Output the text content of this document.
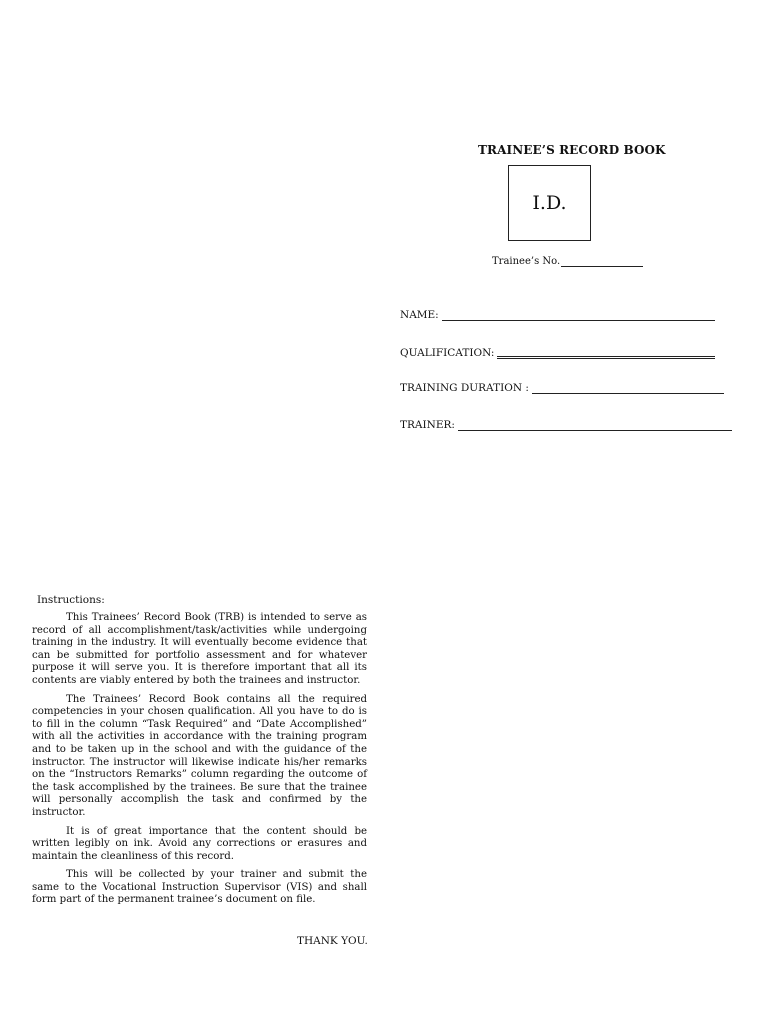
TRAINEE’S RECORD BOOK
I.D.
Trainee’s No.
NAME:
QUALIFICATION:
TRAINING DURATION :
TRAINER:
Instructions:

This Trainees’ Record Book (TRB) is intended to serve as record of all accomplishment/task/activities while undergoing training in the industry. It will eventually become evidence that can be submitted for portfolio assessment and for whatever purpose it will serve you. It is therefore important that all its contents are viably entered by both the trainees and instructor.

The Trainees’ Record Book contains all the required competencies in your chosen qualification. All you have to do is to fill in the column “Task Required” and “Date Accomplished” with all the activities in accordance with the training program and to be taken up in the school and with the guidance of the instructor. The instructor will likewise indicate his/her remarks on the “Instructors Remarks” column regarding the outcome of the task accomplished by the trainees. Be sure that the trainee will personally accomplish the task and confirmed by the instructor.

It is of great importance that the content should be written legibly on ink. Avoid any corrections or erasures and maintain the cleanliness of this record.

This will be collected by your trainer and submit the same to the Vocational Instruction Supervisor (VIS) and shall form part of the permanent trainee’s document on file.

THANK YOU.
